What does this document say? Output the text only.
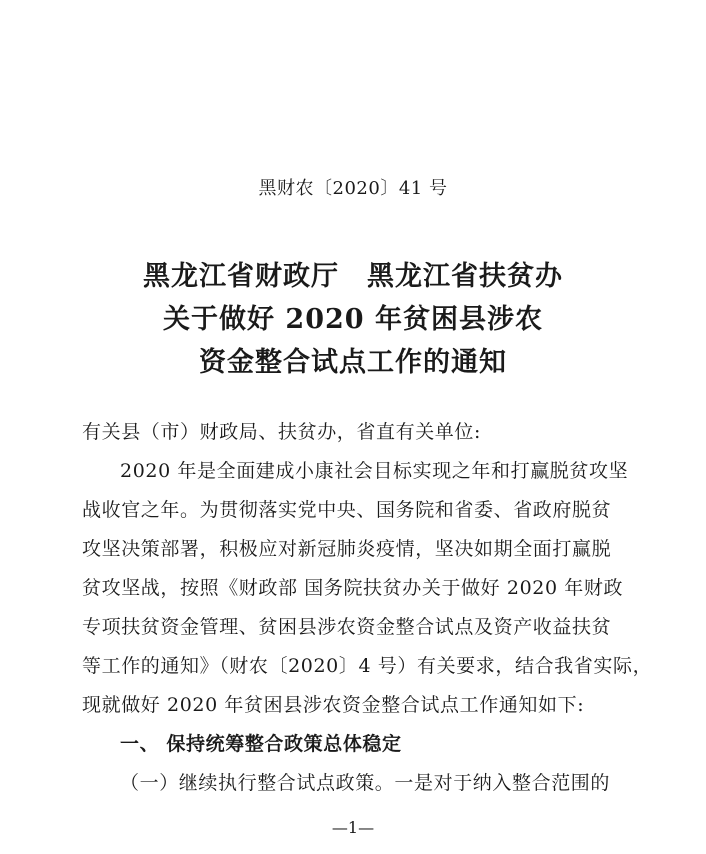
黑财农〔2020〕41 号
黑龙江省财政厅　黑龙江省扶贫办
关于做好 2020 年贫困县涉农
资金整合试点工作的通知
有关县（市）财政局、扶贫办，省直有关单位:
2020 年是全面建成小康社会目标实现之年和打赢脱贫攻坚
战收官之年。为贯彻落实党中央、国务院和省委、省政府脱贫
攻坚决策部署，积极应对新冠肺炎疫情，坚决如期全面打赢脱
贫攻坚战，按照《财政部 国务院扶贫办关于做好 2020 年财政
专项扶贫资金管理、贫困县涉农资金整合试点及资产收益扶贫
等工作的通知》（财农〔2020〕4 号）有关要求，结合我省实际，
现就做好 2020 年贫困县涉农资金整合试点工作通知如下:
一、 保持统筹整合政策总体稳定
（一）继续执行整合试点政策。一是对于纳入整合范围的
—1—
